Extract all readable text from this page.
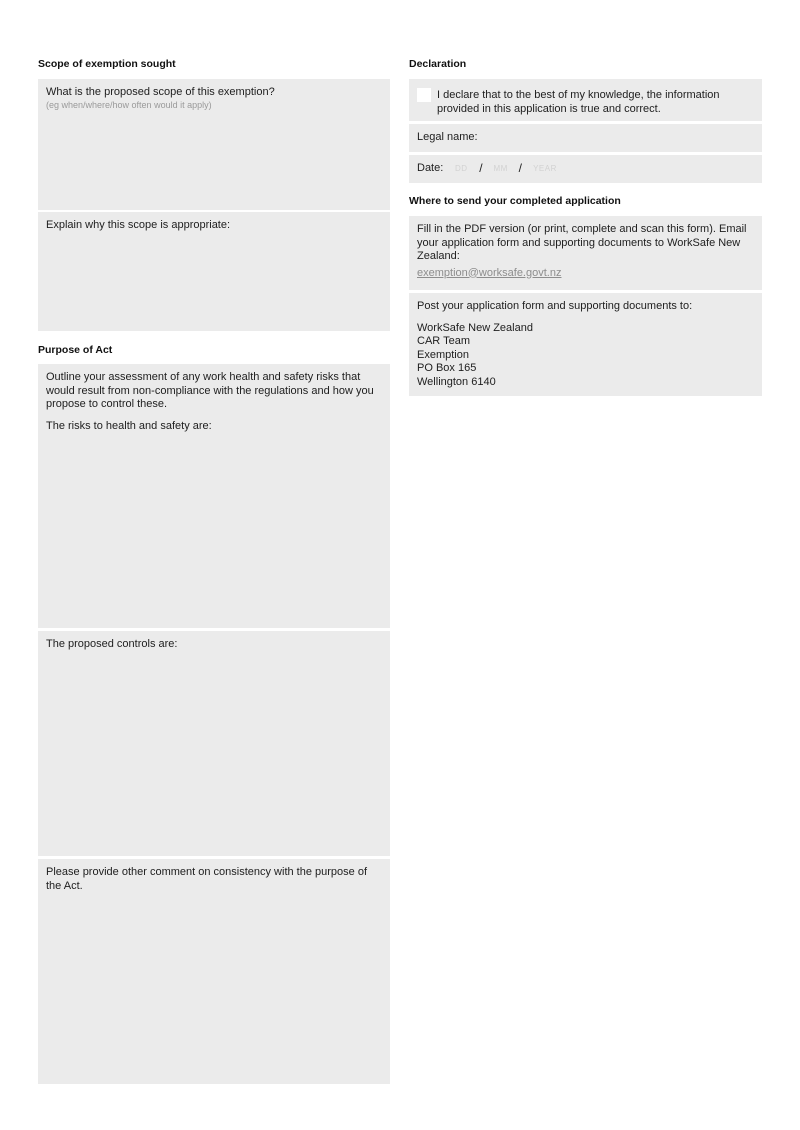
Scope of exemption sought

What is the proposed scope of this exemption?

(eg when/where/how often would it apply)

Explain why this scope is appropriate:

Purpose of Act

Outline your assessment of any work health and safety risks that would result from non-compliance with the regulations and how you propose to control these.

The risks to health and safety are:

The proposed controls are:

Please provide other comment on consistency with the purpose of the Act.

Declaration
I declare that to the best of my knowledge, the information provided in this application is true and correct.
Legal name:
Date: DD / MM / YEAR
Where to send your completed application

Fill in the PDF version (or print, complete and scan this form). Email your application form and supporting documents to WorkSafe New Zealand:

exemption@worksafe.govt.nz

Post your application form and supporting documents to:

WorkSafe New Zealand

CAR Team

Exemption

PO Box 165

Wellington 6140
